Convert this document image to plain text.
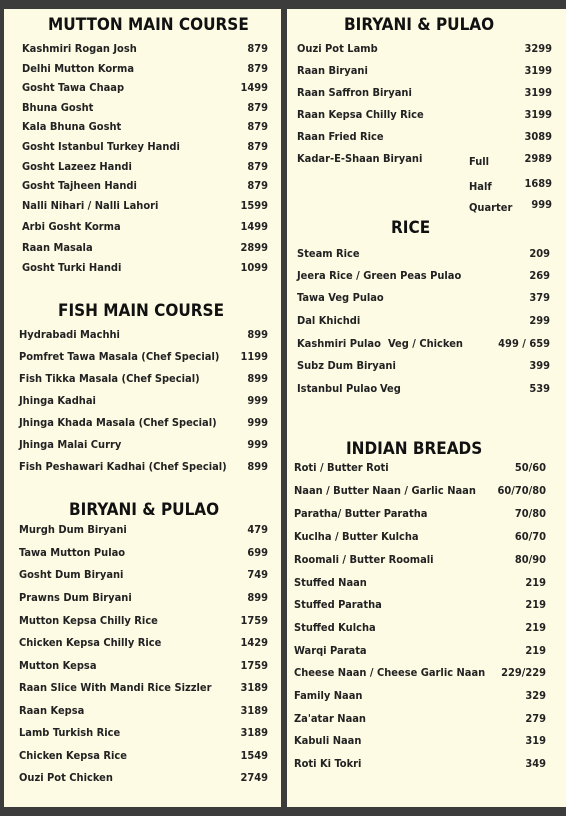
MUTTON MAIN COURSE
Kashmiri Rogan Josh	879
Delhi Mutton Korma	879
Gosht Tawa Chaap	1499
Bhuna Gosht	879
Kala Bhuna Gosht	879
Gosht Istanbul Turkey Handi	879
Gosht Lazeez Handi	879
Gosht Tajheen Handi	879
Nalli Nihari / Nalli Lahori	1599
Arbi Gosht Korma	1499
Raan Masala	2899
Gosht Turki Handi	1099
FISH MAIN COURSE
Hydrabadi Machhi	899
Pomfret Tawa Masala (Chef Special) 1199
Fish Tikka Masala (Chef Special)	899
Jhinga Kadhai	999
Jhinga Khada Masala (Chef Special)	999
Jhinga Malai Curry	999
Fish Peshawari Kadhai (Chef Special) 899
BIRYANI & PULAO
Murgh Dum Biryani	479
Tawa Mutton Pulao	699
Gosht Dum Biryani	749
Prawns Dum Biryani	899
Mutton Kepsa Chilly Rice	1759
Chicken Kepsa Chilly Rice	1429
Mutton Kepsa	1759
Raan Slice With Mandi Rice Sizzler	3189
Raan Kepsa	3189
Lamb Turkish Rice	3189
Chicken Kepsa Rice	1549
Ouzi Pot Chicken	2749
BIRYANI & PULAO
Ouzi Pot Lamb	3299
Raan Biryani	3199
Raan Saffron Biryani	3199
Raan Kepsa Chilly Rice	3199
Raan Fried Rice	3089
Kadar-E-Shaan Biryani	Full	2989
Half	1689
Quarter 999
RICE
Steam Rice	209
Jeera Rice / Green Peas Pulao	269
Tawa Veg Pulao	379
Dal Khichdi	299
Kashmiri Pulao Veg / Chicken	499 / 659
Subz Dum Biryani	399
Istanbul Pulao Veg	539
INDIAN BREADS
Roti / Butter Roti	50/60
Naan / Butter Naan / Garlic Naan 60/70/80
Paratha/ Butter Paratha	70/80
Kuclha / Butter Kulcha	60/70
Roomali / Butter Roomali	80/90
Stuffed Naan	219
Stuffed Paratha	219
Stuffed Kulcha	219
Warqi Parata	219
Cheese Naan / Cheese Garlic Naan 229/229
Family Naan	329
Za'atar Naan	279
Kabuli Naan	319
Roti Ki Tokri	349
